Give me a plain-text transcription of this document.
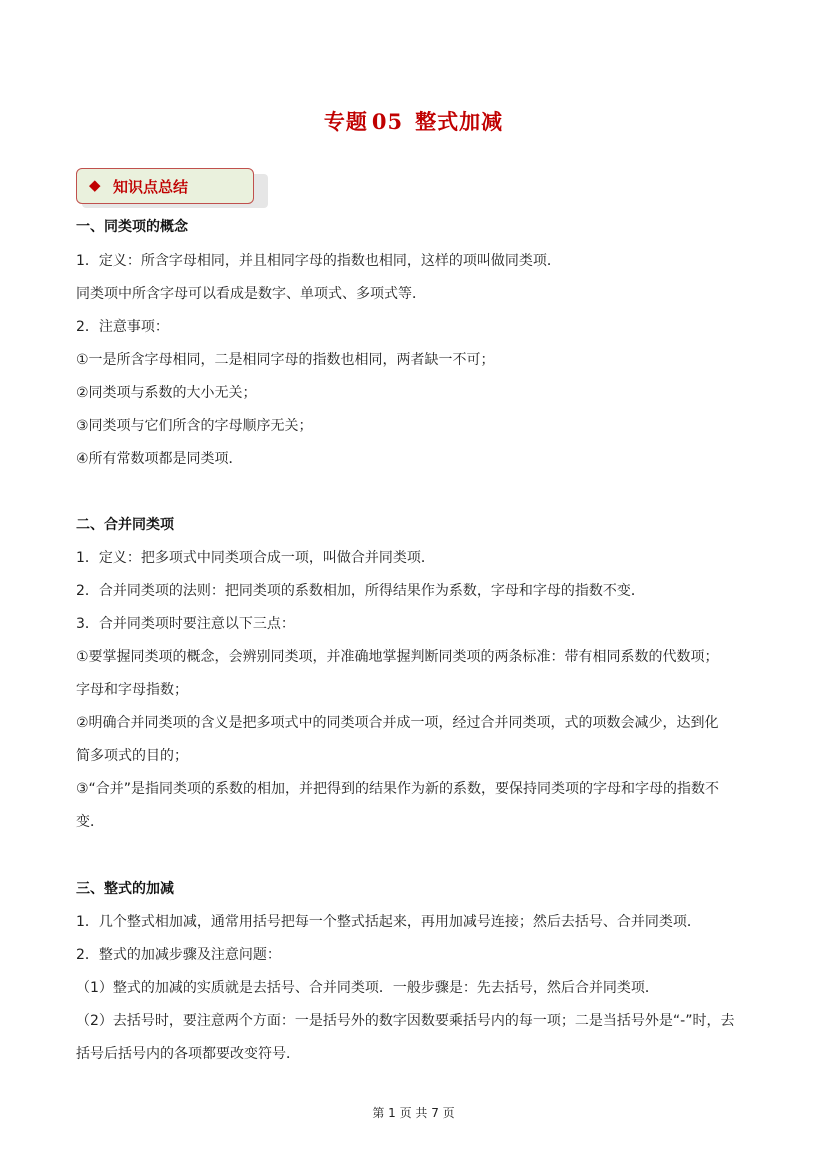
专题 05 整式加减
◆ 知识点总结
一、同类项的概念
1．定义：所含字母相同，并且相同字母的指数也相同，这样的项叫做同类项．
同类项中所含字母可以看成是数字、单项式、多项式等．
2．注意事项：
①一是所含字母相同，二是相同字母的指数也相同，两者缺一不可；
②同类项与系数的大小无关；
③同类项与它们所含的字母顺序无关；
④所有常数项都是同类项．
二、合并同类项
1．定义：把多项式中同类项合成一项，叫做合并同类项．
2．合并同类项的法则：把同类项的系数相加，所得结果作为系数，字母和字母的指数不变．
3．合并同类项时要注意以下三点：
①要掌握同类项的概念，会辨别同类项，并准确地掌握判断同类项的两条标准：带有相同系数的代数项；
字母和字母指数；
②明确合并同类项的含义是把多项式中的同类项合并成一项，经过合并同类项，式的项数会减少，达到化
简多项式的目的；
③“合并”是指同类项的系数的相加，并把得到的结果作为新的系数，要保持同类项的字母和字母的指数不
变．
三、整式的加减
1．几个整式相加减，通常用括号把每一个整式括起来，再用加减号连接；然后去括号、合并同类项．
2．整式的加减步骤及注意问题：
（1）整式的加减的实质就是去括号、合并同类项．一般步骤是：先去括号，然后合并同类项．
（2）去括号时，要注意两个方面：一是括号外的数字因数要乘括号内的每一项；二是当括号外是“-”时，去
括号后括号内的各项都要改变符号．
第 1 页 共 7 页
